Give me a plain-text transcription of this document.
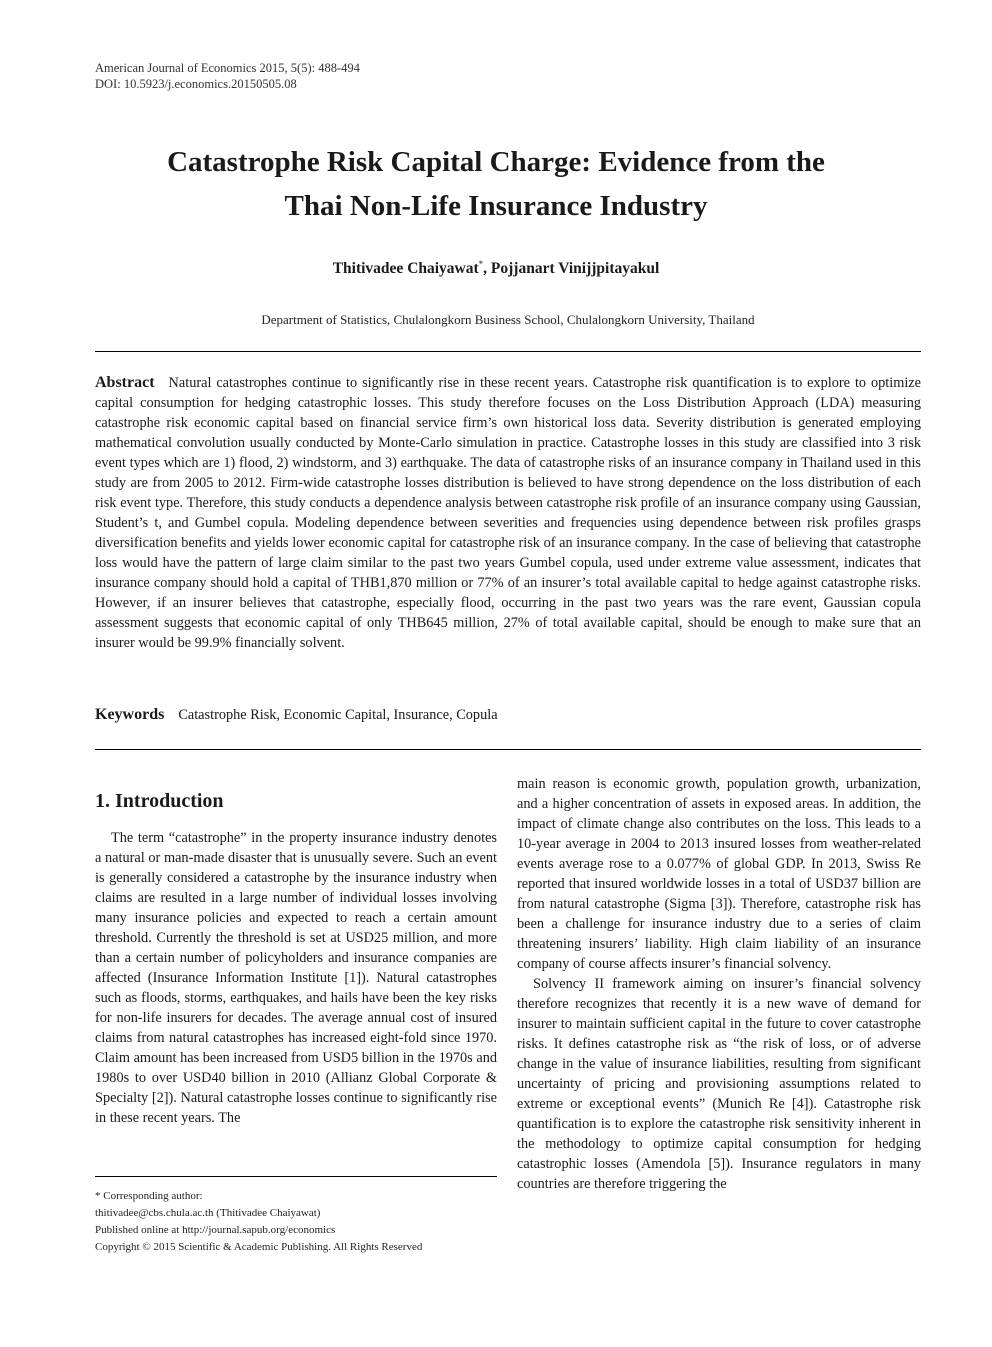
American Journal of Economics 2015, 5(5): 488-494
DOI: 10.5923/j.economics.20150505.08
Catastrophe Risk Capital Charge: Evidence from the
Thai Non-Life Insurance Industry
Thitivadee Chaiyawat*, Pojjanart Vinijjpitayakul
Department of Statistics, Chulalongkorn Business School, Chulalongkorn University, Thailand
Abstract Natural catastrophes continue to significantly rise in these recent years. Catastrophe risk quantification is to explore to optimize capital consumption for hedging catastrophic losses. This study therefore focuses on the Loss Distribution Approach (LDA) measuring catastrophe risk economic capital based on financial service firm’s own historical loss data. Severity distribution is generated employing mathematical convolution usually conducted by Monte-Carlo simulation in practice. Catastrophe losses in this study are classified into 3 risk event types which are 1) flood, 2) windstorm, and 3) earthquake. The data of catastrophe risks of an insurance company in Thailand used in this study are from 2005 to 2012. Firm-wide catastrophe losses distribution is believed to have strong dependence on the loss distribution of each risk event type. Therefore, this study conducts a dependence analysis between catastrophe risk profile of an insurance company using Gaussian, Student’s t, and Gumbel copula. Modeling dependence between severities and frequencies using dependence between risk profiles grasps diversification benefits and yields lower economic capital for catastrophe risk of an insurance company. In the case of believing that catastrophe loss would have the pattern of large claim similar to the past two years Gumbel copula, used under extreme value assessment, indicates that insurance company should hold a capital of THB1,870 million or 77% of an insurer’s total available capital to hedge against catastrophe risks. However, if an insurer believes that catastrophe, especially flood, occurring in the past two years was the rare event, Gaussian copula assessment suggests that economic capital of only THB645 million, 27% of total available capital, should be enough to make sure that an insurer would be 99.9% financially solvent.
Keywords Catastrophe Risk, Economic Capital, Insurance, Copula
1. Introduction

The term “catastrophe” in the property insurance industry denotes a natural or man-made disaster that is unusually severe. Such an event is generally considered a catastrophe by the insurance industry when claims are resulted in a large number of individual losses involving many insurance policies and expected to reach a certain amount threshold. Currently the threshold is set at USD25 million, and more than a certain number of policyholders and insurance companies are affected (Insurance Information Institute [1]). Natural catastrophes such as floods, storms, earthquakes, and hails have been the key risks for non-life insurers for decades. The average annual cost of insured claims from natural catastrophes has increased eight-fold since 1970. Claim amount has been increased from USD5 billion in the 1970s and 1980s to over USD40 billion in 2010 (Allianz Global Corporate & Specialty [2]). Natural catastrophe losses continue to significantly rise in these recent years. The

main reason is economic growth, population growth, urbanization, and a higher concentration of assets in exposed areas. In addition, the impact of climate change also contributes on the loss. This leads to a 10-year average in 2004 to 2013 insured losses from weather-related events average rose to a 0.077% of global GDP. In 2013, Swiss Re reported that insured worldwide losses in a total of USD37 billion are from natural catastrophe (Sigma [3]). Therefore, catastrophe risk has been a challenge for insurance industry due to a series of claim threatening insurers’ liability. High claim liability of an insurance company of course affects insurer’s financial solvency.

Solvency II framework aiming on insurer’s financial solvency therefore recognizes that recently it is a new wave of demand for insurer to maintain sufficient capital in the future to cover catastrophe risks. It defines catastrophe risk as “the risk of loss, or of adverse change in the value of insurance liabilities, resulting from significant uncertainty of pricing and provisioning assumptions related to extreme or exceptional events” (Munich Re [4]). Catastrophe risk quantification is to explore the catastrophe risk sensitivity inherent in the methodology to optimize capital consumption for hedging catastrophic losses (Amendola [5]). Insurance regulators in many countries are therefore triggering the

* Corresponding author:
thitivadee@cbs.chula.ac.th (Thitivadee Chaiyawat)
Published online at http://journal.sapub.org/economics
Copyright © 2015 Scientific & Academic Publishing. All Rights Reserved
